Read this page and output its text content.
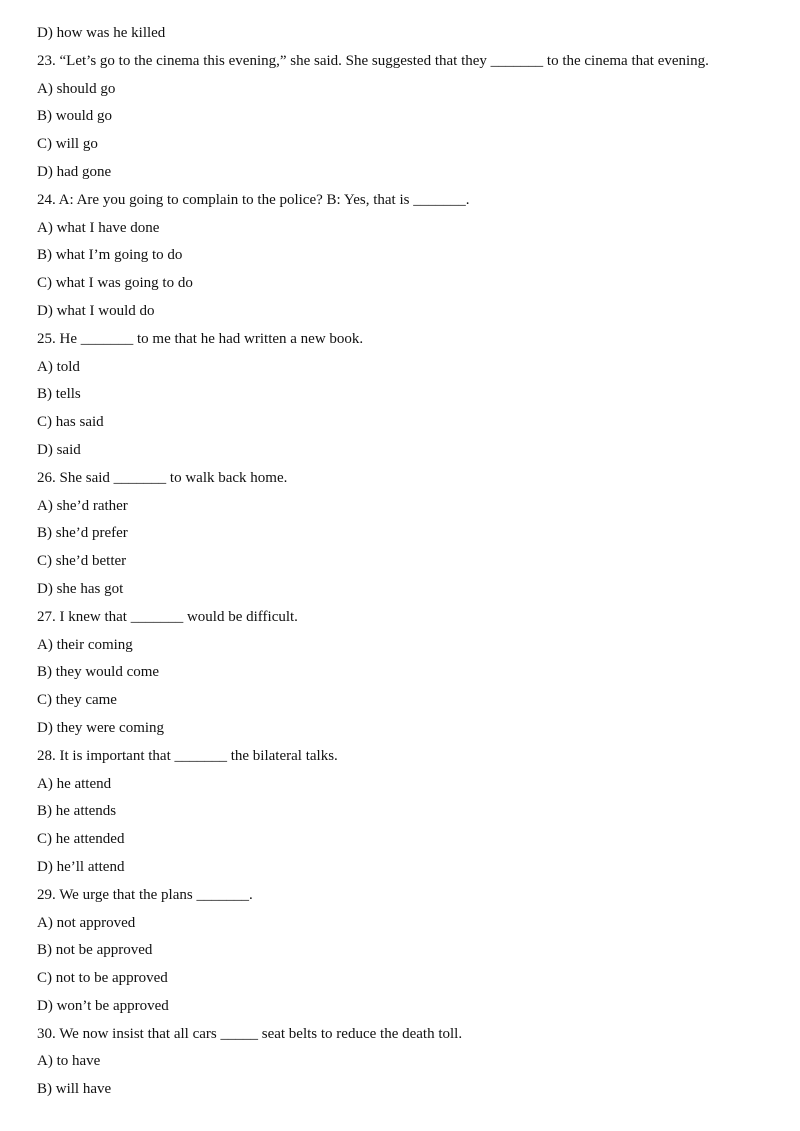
D) how was he killed

23. “Let’s go to the cinema this evening,” she said. She suggested that they _______ to the cinema that evening.

A) should go

B) would go

C) will go

D) had gone

24. A: Are you going to complain to the police? B: Yes, that is _______.

A) what I have done

B) what I’m going to do

C) what I was going to do

D) what I would do

25. He _______ to me that he had written a new book.

A) told

B) tells

C) has said

D) said

26. She said _______ to walk back home.

A) she’d rather

B) she’d prefer

C) she’d better

D) she has got

27. I knew that _______ would be difficult.

A) their coming

B) they would come

C) they came

D) they were coming

28. It is important that _______ the bilateral talks.

A) he attend

B) he attends

C) he attended

D) he’ll attend

29. We urge that the plans _______.

A) not approved

B) not be approved

C) not to be approved

D) won’t be approved

30. We now insist that all cars _____ seat belts to reduce the death toll.

A) to have

B) will have
